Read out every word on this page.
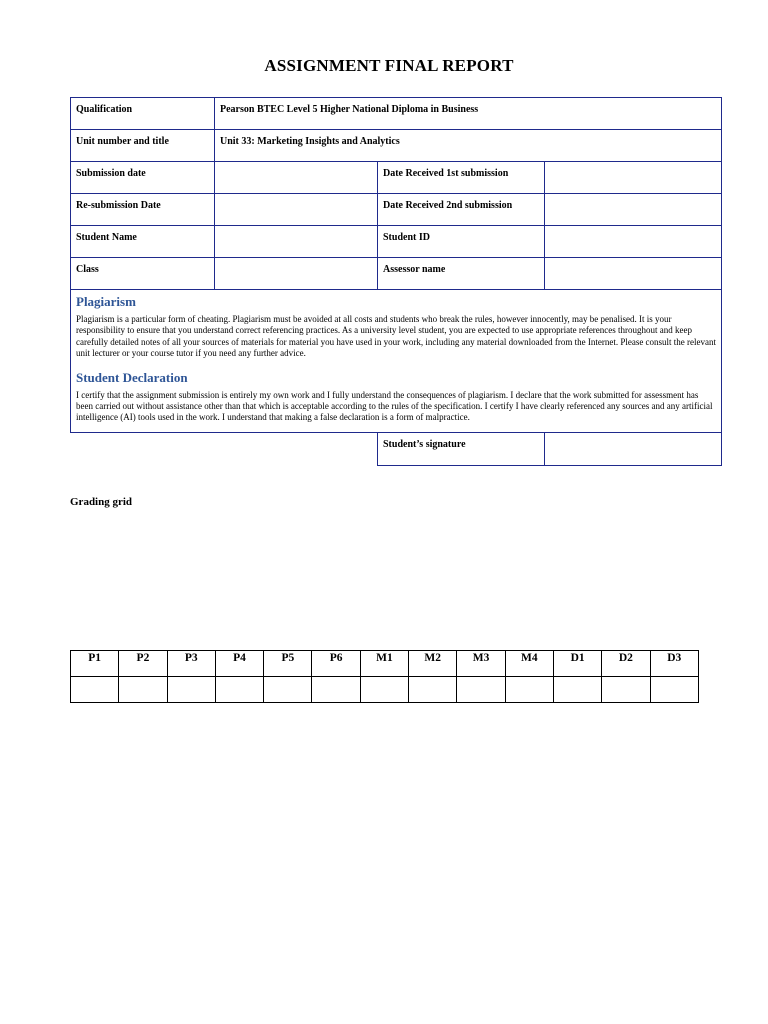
ASSIGNMENT FINAL REPORT
Qualification	Pearson BTEC Level 5 Higher National Diploma in Business		
Unit number and title	Unit 33: Marketing Insights and Analytics		
Submission date		Date Received 1st submission	
Re-submission Date		Date Received 2nd submission	
Student Name		Student ID	
Class		Assessor name	

Plagiarism

Plagiarism is a particular form of cheating. Plagiarism must be avoided at all costs and students who break the rules, however innocently, may be penalised. It is your responsibility to ensure that you understand correct referencing practices. As a university level student, you are expected to use appropriate references throughout and keep carefully detailed notes of all your sources of materials for material you have used in your work, including any material downloaded from the Internet. Please consult the relevant unit lecturer or your course tutor if you need any further advice.

Student Declaration

I certify that the assignment submission is entirely my own work and I fully understand the consequences of plagiarism. I declare that the work submitted for assessment has been carried out without assistance other than that which is acceptable according to the rules of the specification. I certify I have clearly referenced any sources and any artificial intelligence (AI) tools used in the work. I understand that making a false declaration is a form of malpractice.			

		Student’s signature	
Grading grid
P1	P2	P3	P4	P5	P6	M1	M2	M3	M4	D1	D2	D3
